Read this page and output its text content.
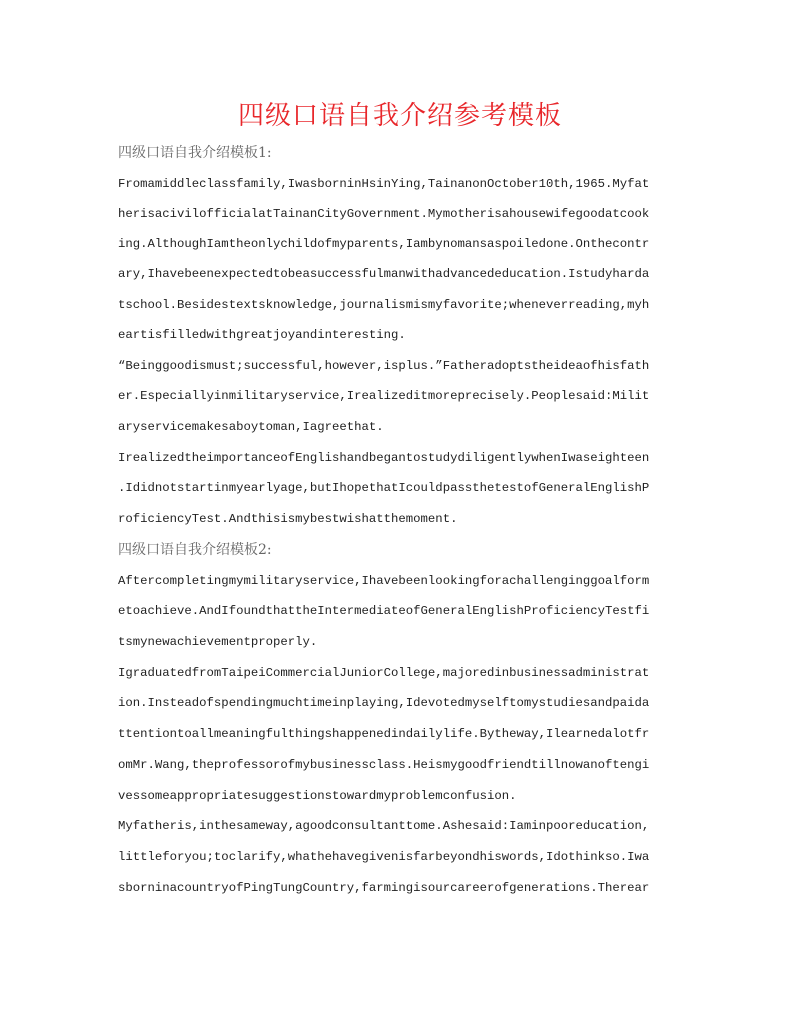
四级口语自我介绍参考模板
四级口语自我介绍模板1:
Fromamiddleclassfamily,IwasborninHsinYing,TainanonOctober10th,1965.Myfat
herisacivilofficialatTainanCityGovernment.Mymotherisahousewifegoodatcook
ing.AlthoughIamtheonlychildofmyparents,Iambynomansaspoiledone.Onthecontr
ary,Ihavebeenexpectedtobeasuccessfulmanwithadvancededucation.Istudyharda
tschool.Besidestextsknowledge,journalismismyfavorite;wheneverreading,myh
eartisfilledwithgreatjoyandinteresting.
“Beinggoodismust;successful,however,isplus.”Fatheradoptstheideaofhisfath
er.Especiallyinmilitaryservice,Irealizeditmoreprecisely.Peoplesaid:Milit
aryservicemakesaboytoman,Iagreethat.
IrealizedtheimportanceofEnglishandbegantostudydiligentlywhenIwaseighteen
.Ididnotstartinmyearlyage,butIhopethatIcouldpassthetestofGeneralEnglishP
roficiencyTest.Andthisismybestwishatthemoment.
四级口语自我介绍模板2:
Aftercompletingmymilitaryservice,Ihavebeenlookingforachallenginggoalform
etoachieve.AndIfoundthattheIntermediateofGeneralEnglishProficiencyTestfi
tsmynewachievementproperly.
IgraduatedfromTaipeiCommercialJuniorCollege,majoredinbusinessadministrat
ion.Insteadofspendingmuchtimeinplaying,Idevotedmyselftomystudiesandpaida
ttentiontoallmeaningfulthingshappenedindailylife.Bytheway,Ilearnedalotfr
omMr.Wang,theprofessorofmybusinessclass.Heismygoodfriendtillnowanoftengi
vessomeappropriatesuggestionstowardmyproblemconfusion.
Myfatheris,inthesameway,agoodconsultanttome.Ashesaid:Iaminpooreducation,
littleforyou;toclarify,whathehavegivenisfarbeyondhiswords,Idothinkso.Iwa
sborninacountryofPingTungCountry,farmingisourcareerofgenerations.Therear
